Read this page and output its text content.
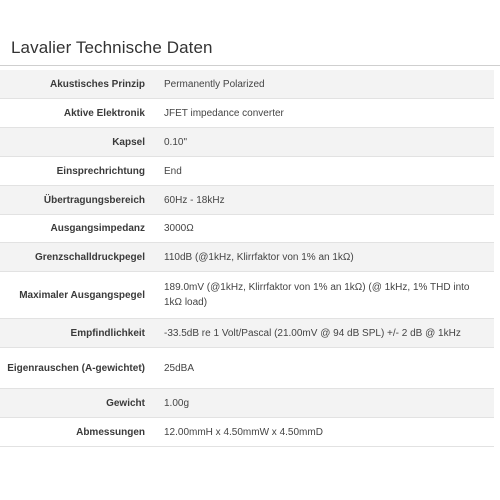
Lavalier Technische Daten
Akustisches Prinzip	Permanently Polarized
Aktive Elektronik	JFET impedance converter
Kapsel	0.10"
Einsprechrichtung	End
Übertragungsbereich	60Hz - 18kHz
Ausgangsimpedanz	3000Ω
Grenzschalldruckpegel	110dB (@1kHz, Klirrfaktor von 1% an 1kΩ)
Maximaler Ausgangspegel	189.0mV (@1kHz, Klirrfaktor von 1% an 1kΩ) (@ 1kHz, 1% THD into 1kΩ load)
Empfindlichkeit	-33.5dB re 1 Volt/Pascal (21.00mV @ 94 dB SPL) +/- 2 dB @ 1kHz
Eigenrauschen (A-gewichtet)	25dBA
Gewicht	1.00g
Abmessungen	12.00mmH x 4.50mmW x 4.50mmD
